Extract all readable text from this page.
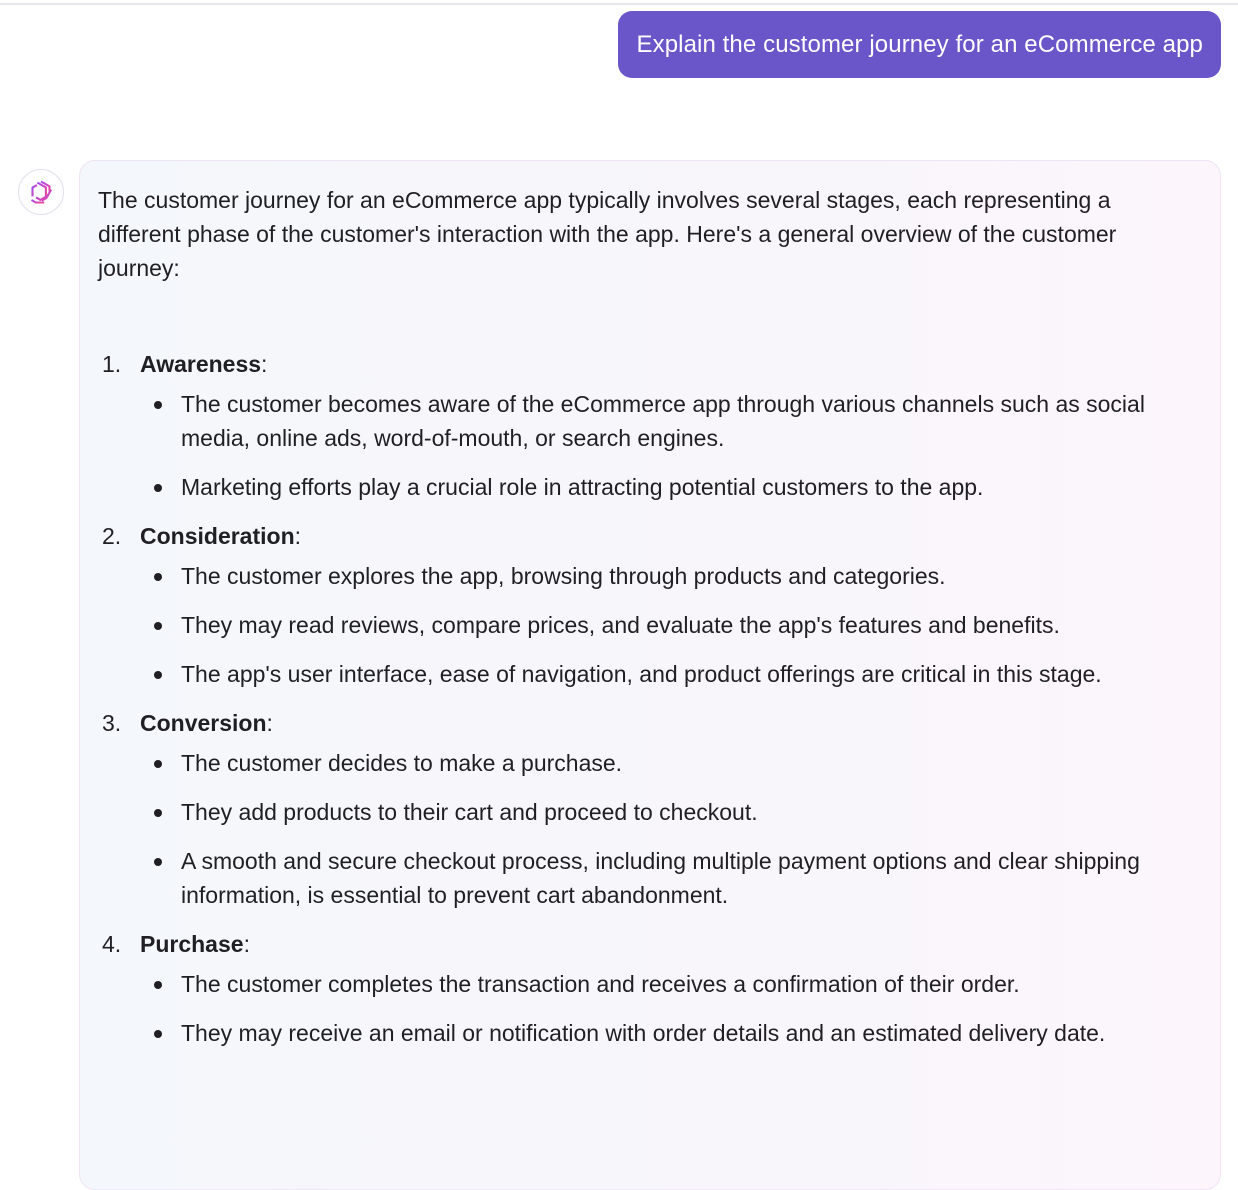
Explain the customer journey for an eCommerce app

The customer journey for an eCommerce app typically involves several stages, each representing a different phase of the customer's interaction with the app. Here's a general overview of the customer journey:

1. Awareness:
The customer becomes aware of the eCommerce app through various channels such as social media, online ads, word-of-mouth, or search engines.
Marketing efforts play a crucial role in attracting potential customers to the app.
2. Consideration:
The customer explores the app, browsing through products and categories.
They may read reviews, compare prices, and evaluate the app's features and benefits.
The app's user interface, ease of navigation, and product offerings are critical in this stage.
3. Conversion:
The customer decides to make a purchase.
They add products to their cart and proceed to checkout.
A smooth and secure checkout process, including multiple payment options and clear shipping information, is essential to prevent cart abandonment.
4. Purchase:
The customer completes the transaction and receives a confirmation of their order.
They may receive an email or notification with order details and an estimated delivery date.
